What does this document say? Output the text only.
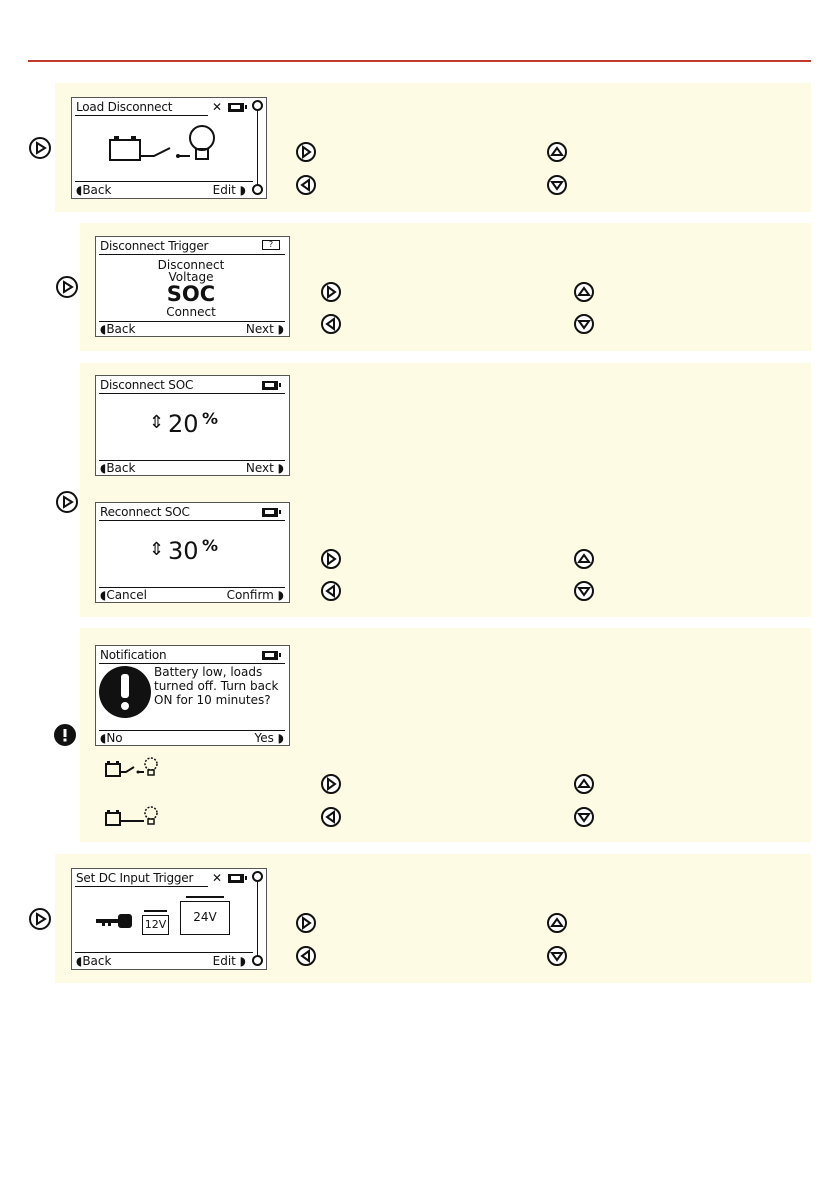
Load Disconnect	✕
◖Back	Edit ◗
Disconnect Trigger	?
Disconnect
Voltage
SOC
Connect
◖Back	Next ◗
Disconnect SOC
⇕ 20 %
◖Back	Next ◗
Reconnect SOC
⇕ 30 %
◖Cancel	Confirm ◗
Notification
Battery low, loads turned off. Turn back ON for 10 minutes?
◖No	Yes ◗
Set DC Input Trigger ✕
12V
24V
◖Back	Edit ◗
